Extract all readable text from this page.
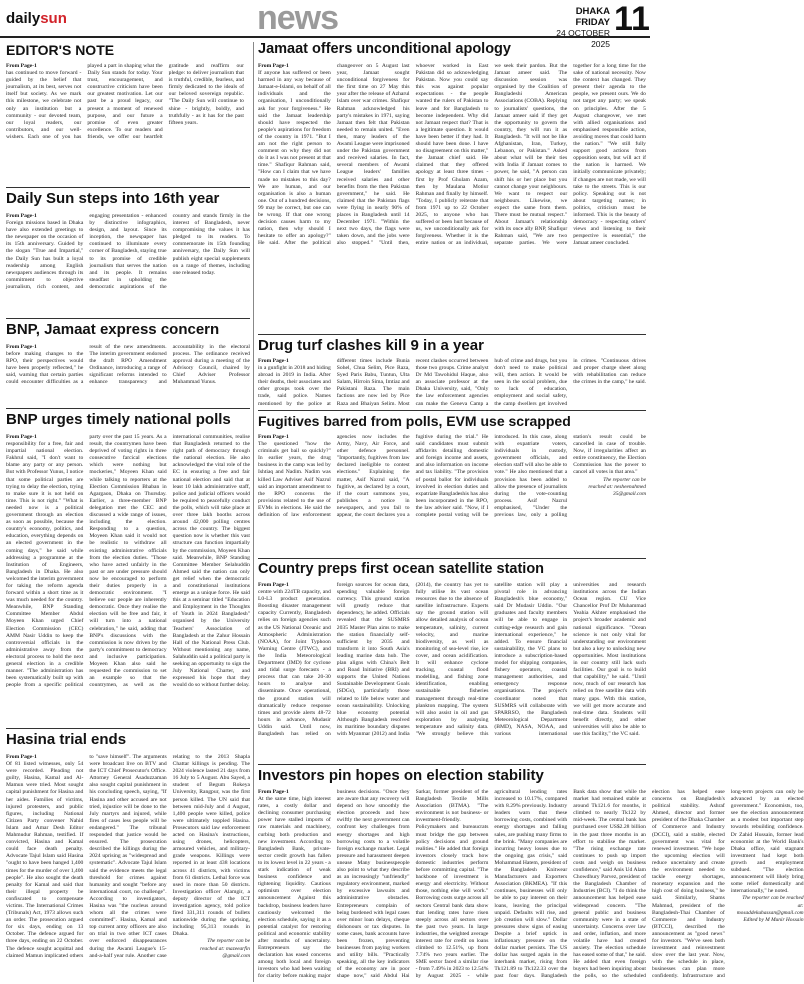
dailysun	news	DHAKA FRIDAY
24 OCTOBER 2025
11
EDITOR'S NOTE
From Page-1

has continued to move forward - guided by the belief that journalism, at its best, serves not itself but society. As we mark this milestone, we celebrate not only an institution but a community - our devoted team, our loyal readers, our contributors, and our well-wishers. Each one of you has played a part in shaping what the Daily Sun stands for today. Your trust, encouragement, and constructive criticism have been our greatest motivation. Let our past be a proud legacy, our present a moment of renewed purpose, and our future a promise of even greater excellence. To our readers and friends, we offer our heartfelt gratitude and reaffirm our pledge: to deliver journalism that is truthful, credible, fearless, and firmly dedicated to the ideals of our beloved sovereign republic. "The Daily Sun will continue to shine - brightly, boldly, and truthfully - as it has for the past fifteen years.

Jamaat offers unconditional apology
From Page-1

If anyone has suffered or been harmed in any way because of Jamaat-e-Islami, on behalf of all individuals and the organisation, I unconditionally ask for your forgiveness." He said the Jamaat leadership should have respected the people's aspirations for freedom of the country in 1971. "But I am not the right person to comment on why they did not do it as I was not present at that time." Shafiqur Rahman said, "How can I claim that we have made no mistakes to this day? We are human, and our organisation is also a human one. Out of a hundred decisions, 99 may be correct, but one can be wrong. If that one wrong decision causes harm to my nation, then why should I hesitate to offer an apology?" He said. After the political changeover on 5 August last year, Jamaat sought unconditional forgiveness for the first time on 27 May this year after the release of Azharul Islam over war crimes. Shafiqur Rahman acknowledged his party's mistakes in 1971, saying Jamaat then felt that Pakistan needed to remain united. "Even then, many leaders of the Awami League were imprisoned under the Pakistan government and received salaries. In fact, several members of Awami League leaders' families received salaries and other benefits from the then Pakistan government," he said. He claimed that the Pakistan flags were flying in nearly 90% of places in Bangladesh until 14 December 1971. "Within the next two days, the flags were taken down, and the jobs were also stopped." "Until then, whoever worked in East Pakistan did so acknowledging Pakistan. Now you could say this was against popular expectations - the people wanted the rulers of Pakistan to leave and for Bangladesh to become independent. Why did not Jamaat respect that? That is a legitimate question. It would have been better if they had. It should have been done. I have no disagreement on this matter," the Jamaat chief said. He claimed that they offered apology at least three times - first by Prof Ghulam Azam, then by Maulana Motiur Rahman and finally by himself. "Today, I publicly reiterate that from 1971 up to 22 October 2025, to anyone who has suffered or been hurt because of us, we unconditionally ask for forgiveness. Whether it is the entire nation or an individual, we seek their pardon. But the Jamaat ameer said. The discussion session was organised by the Coalition of Bangladeshi American Associations (COBA). Replying to journalists' questions, the Jamaat ameer said if they get the opportunity to govern the country, they will run it as Bangladesh. "It will not be like Afghanistan, Iran, Turkey, Lebanon, or Pakistan." Asked about what will be their ties with India if Jamaat comes to power, he said, "A person can shift his or her place but you cannot change your neighbours. We want to respect our neighbours. Likewise, we expect the same from them. There must be mutual respect." About Jamaat's relationship with its once ally BNP, Shafiqur Rahman said, "We are two separate parties. We were together for a long time for the sake of national necessity. Now the context has changed. They present their agenda to the people, we present ours. We do not target any party; we speak on principles. After the 5 August changeover, we met with allied organisations and emphasised responsible action, avoiding moves that could harm the nation." "We still fully support good actions from opposition seats, but will act if the nation is harmed. We initially communicate privately; if changes are not made, we will take to the streets. This is our policy. Speaking out is not about targeting names; in politics, criticism must be informed. This is the beauty of democracy - respecting others' views and listening to their perspective is essential," the Jamaat ameer concluded.

Daily Sun steps into 16th year
From Page-1

Foreign missions based in Dhaka have also extended greetings to the newspaper on the occasion of its 15th anniversary. Guided by the slogan "True and Impartial," the Daily Sun has built a loyal readership among English newspapers audiences through its commitment to objective journalism, rich content, and engaging presentation - enhanced by distinctive infographics, design, and layout. Since its inception, the newspaper has continued to illuminate every corner of Bangladesh, staying true to its promise of credible journalism that serves the nation and its people. It remains steadfast in upholding the democratic aspirations of the country and stands firmly in the interest of Bangladesh, never compromising the values it has pledged to its readers. To commemorate its 15th founding anniversary, the Daily Sun will publish eight special supplements on a range of themes, including one released today.

BNP, Jamaat express concern
From Page-1

before making changes to the RPO, their perspectives would have been properly reflected," he said, warning that certain parties could encounter difficulties as a result of the new amendments. The interim government endorsed the draft RPO Amendment Ordinance, introducing a range of significant reforms intended to enhance transparency and accountability in the electoral process. The ordinance received approval during a meeting of the Advisory Council, chaired by Chief Adviser Professor Muhammad Yunus.

Drug turf clashes kill 9 in a year
From Page-1

in a gunfight in 2018 and hiding abroad in 2019 in India. After their deaths, their associates and other groups took over the trade, said police. Names mentioned by the police at different times include Bunia Sohel, Chua Selim, Pice Raza, Syed Paris Babu, Tuntun, Ulta Salam, Hirroin Sima, Imtiaz and Pakistani Raza. The main factions are now led by Pice Raza and Bhaiyan Selim. Most recent clashes occurred between those two groups. Crime analyst Dr Md Tawohidul Haque, also an associate professor at the Dhaka University, said, "Only the law enforcement agencies can make the Geneva Camp a hub of crime and drugs, but you don't need to make political will, then action. It would be seen in the social problem, due to lack of education, employment and social safety, the camp dwellers get involved in crimes. "Continuous drives and proper charge sheet along with rehabilitation can reduce the crimes in the camp," he said.

BNP urges timely national polls
From Page-1

responsibility for a free, fair and impartial national election. Fakhrul said, "I don't want to blame any party or any person. But with Professor Yunus, I notice that some political parties are trying to delay the election, trying to make sure it is not held on time. This is not right." "What is needed now is a political government through an election as soon as possible, because the country's economy, politics, and education, everything depends on an elected government in the coming days," he said while addressing a programme at the Institution of Engineers, Bangladesh in Dhaka. He also welcomed the interim government for taking the reform agenda forward within a short time as it was much needed for the country. Meanwhile, BNP Standing Committee Member Abdul Moyeen Khan urged Chief Election Commission (CEC) AMM Nasir Uddin to keep the controversial officials in the administrative away from the electoral process to hold the next general election in a credible manner. "The administration has been systematically built up with people from a specific political party over the past 15 years. As a result, the countrymen have been deprived of voting rights in three consecutive farcical elections which were nothing but mockeries," Moyeen Khan said while talking to reporters at the Election Commission Bhaban in Agargaon, Dhaka on Thursday. Earlier, a three-member BNP delegation met the CEC and discussed a wide range of issues, including the election. Responding to a question, Moyeen Khan said it would not be realistic to withdraw all existing administrative officials from the election duties. "Those who have acted unfairly in the past or are under pressure should now be encouraged to perform their duties properly in a democratic environment. "I believe our people are inherently democratic. Once they realise the election will be free and fair, it will turn into a national celebration," he said, adding that BNP's discussions with the commission is now driven by the party's commitment to democracy and inclusive participation. Moyeen Khan also said he requested the commission to set an example so that the countrymen, as well as the international communities, realise that Bangladesh returned to the right path of democracy through the national election. He also acknowledged the vital role of the EC in ensuring a free and fair national election and said that at least 10 lakh administrative staff, police and judicial officers would be required to peacefully conduct the polls, which will take place at over three lakh booths across around 42,000 polling centres across the country. The biggest question now is whether this vast structure can function impartially by the commission, Moyeen Khan said. Meanwhile, BNP Standing Committee Member Selahuddin Ahmed said the nation can only get relief when the democratic and constitutional institutions emerge as a unique force. He said this at a seminar titled "Education and Employment in the Thoughts of Youth in 2024 Bangladesh" organised by the University Teachers' Association of Bangladesh at the Zahur Hossain Hall of the National Press Club. Without mentioning any name, Salahuddin said a political party is seeking an opportunity to sign the July National Charter, and expressed his hope that they would do so without further delay.

Fugitives barred from polls, EVM use scrapped
From Page-1

The questioned "how the criminals get bail so quickly?" In earlier years, the drug business in the camp was led by Ishtiaq and Nadim. Nadim was killed Law Adviser Asif Nazrul said an important amendment to the RPO concerns the provisions related to the use of EVMs in elections. He said the definition of law enforcement agencies now includes the Army, Navy, Air Force, and other defence personnel. "Importantly, fugitives from law declared ineligible to contest elections." Explaining the matter, Asif Nazrul said, "A fugitive, as declared by a court, if the court summons you, publishes a notice in newspapers, and you fail to appear, the court declares you a fugitive during the trial." He said candidates must submit affidavits detailing domestic and foreign income and assets, and also information on income and tax liability. "The provision of postal ballot for individuals involved in election duties and expatriate Bangladeshis has also been incorporated in the RPO, the law adviser said. "Now, if I complete postal voting will be introduced. In this case, along with expatriate voters, individuals in custody, government officials, and election staff will also be able to vote." He also mentioned that a provision has been added to allow the presence of journalists during the vote-counting process. Asif Nazrul emphasised, "Under the previous law, only a polling station's result could be cancelled in case of trouble. Now, if irregularities affect an entire constituency, the Election Commission has the power to cancel all votes in that area."

The reporter can be
reached at: nesheenahmed 35@gmail.com
Country preps first ocean satellite station
From Page-1

centre with 224TB capacity, and L0-L3 product generation. Boosting disaster management capacity Currently, Bangladesh relies on foreign agencies such as the US National Oceanic and Atmospheric Administration (NOAA), for Joint Typhoon Warning Centre (JTWC), and the India Meteorological Department (IMD) for cyclone and tidal surge forecasts - a process that can take 20-30 hours to analyse and disseminate. Once operational, the ground station will dramatically reduce response times and provide alerts 48-72 hours in advance, Mudasir Uddin said. Until now, Bangladesh has relied on foreign sources for ocean data, spending valuable foreign currency. This ground station will greatly reduce that dependency, he added. Officials revealed that the SUSMRS 2035 Master Plan aims to make the station financially self-sufficient by 2035 and transform it into South Asia's leading marine data hub. The plan aligns with China's Belt and Road Initiative (BRI) and supports the United Nations Sustainable Development Goals (SDGs), particularly those related to life below water and ocean sustainability. Unlocking blue economy potential Although Bangladesh resolved its maritime boundary disputes with Myanmar (2012) and India (2014), the country has yet to fully utilise its vast ocean resources due to the absence of satellite infrastructure. Experts say the ground station will allow detailed analysis of ocean temperature, salinity, current velocity, and marine biodiversity, as well as monitoring of sea-level rise, ice cover, and ocean acidification. It will enhance cyclone tracking, coastal flood modelling, and fishing zone identification, enabling sustainable fisheries management through real-time plankton mapping. The system will also assist in oil and gas exploration by analysing temperature and salinity data. "We strongly believe this satellite station will play a pivotal role in advancing Bangladesh's blue economy," said Dr Mudasir Uddin. "Our graduates and faculty members will be able to engage in cutting-edge research and gain international experience," he added. To ensure financial sustainability, the VC plans to introduce a subscription-based model for shipping companies, fishery operators, coastal management authorities, and emergency response organisations. The project's coordinator noted that SUSMRS will collaborate with SPARRSO, the Bangladesh Meteorological Department (BMD), NASA, NOAA, and various international universities and research institutions across the Indian Ocean region. CU Vice Chancellor Prof Dr Muhammad Yeahia Akhter emphasised the project's broader academic and national significance. "Ocean science is not only vital for understanding our environment but also a key to unlocking new opportunities. Most institutions in our country still lack such facilities. Our goal is to build that capability," he said. "Until now, much of our research has relied on free satellite data with many gaps. With this station, we will get more accurate and real-time data. Students will benefit directly, and other universities will also be able to use this facility," the VC said.

Investors pin hopes on election stability
From Page-1

At the same time, high interest rates, a costly dollar and declining consumer purchasing power have stalled imports of raw materials and machinery, curbing both production and new investment. According to Bangladesh Bank, private-sector credit growth has fallen to its lowest level in 22 years - a stark indication of weak business confidence and tightening liquidity. Cautious optimism over election announcement Against this backdrop, business leaders have cautiously welcomed the election schedule, saying it as a potential catalyst for restoring political and economic stability after months of uncertainty. Entrepreneurs say the declaration has eased concerns among both local and foreign investors who had been waiting for clarity before making major business decisions. "Once they are aware that any recovery will depend on how smoothly the election proceeds and how swiftly the next government can confront key challenges from energy shortages and high borrowing costs to a volatile foreign exchange market. Legal pressure and harassment deepen unease Many businesspeople also point to what they describe as an increasingly "unfriendly" regulatory environment, marked by excessive lawsuits and administrative obstacles. Entrepreneurs complain of being burdened with legal cases over minor loan delays, cheque dishonours or tax disputes. In some cases, bank accounts have been frozen, preventing businesses from paying workers and utility bills. "Practically speaking, all the key indicators of the economy are in poor shape now," said Abdul Hai Sarkar, former president of the Bangladesh Textile Mills Association (BTMA). "The environment is not business- or investment-friendly. Policymakers and bureaucrats must bridge the gap between policy decisions and ground realities." He added that foreign investors closely track how domestic industries perform before committing capital. "The backbone of investment is energy and electricity. Without those, nothing else will work." Borrowing costs surge across all sectors Central bank data show that lending rates have risen steeply across all sectors over the past two years. In large industries, the weighted average interest rate for credit on loans climbed to 12.51%, up from 7.74% two years earlier. The SME sector faced a similar rise - from 7.49% in 2023 to 12.54% by August 2025 - while agricultural lending rates increased to 10.17%, compared with 8.29% previously. Industry leaders warn that these borrowing costs, combined with energy shortages and falling sales, are pushing many firms to the brink. "Many companies are incurring heavy losses due to the ongoing gas crisis," said Mohammad Hatem, president of the Bangladesh Knitwear Manufacturers and Exporters Association (BKMEA). "If this continues, businesses will only be able to pay interest on their loans, leaving the principal unpaid. Defaults will rise, and job creation will slow." Dollar pressures show signs of easing Despite a brief uptick in inflationary pressure on the dollar market persists. The US dollar has surged again in the interbank market, rising from Tk121.89 to Tk122.33 over the past four days. Bangladesh Bank data show that while the market had remained stable at around Tk121.6 for months, it climbed to nearly Tk122 by mid-week. The central bank has purchased over US$2.28 billion in the past three months in an effort to stabilise the market. "The rising exchange rate continues to push up import costs and weigh on business confidence," said Anis Ud Alam Chowdhury Parvez, president of the Bangladesh Chamber of Industries (BCI). "I do think the announcement has helped ease widespread concern. "The general public and business community were in a state of uncertainty. Concerns over law and order, inflation, and more volatile have had created anxiety. The election schedule has eased some of that," he said. He added that even foreign buyers had been inquiring about the polls, so the scheduled election has helped ease concerns on Bangladesh's political stability. Ashraf Ahmed, director and former president of the Dhaka Chamber of Commerce and Industry (DCCI), said a stable, elected government was vital for renewed investment. "We hope the upcoming election will reduce uncertainty and create the environment needed to tackle energy shortages, monetary expansion and the high cost of doing business," he said. Similarly, Shams Mahmud, president of the Bangladesh-Thai Chamber of Commerce and Industry (BTCCI), described the announcement as "good news" for investors. "We've seen both investment and reinvestment slow over the last year. Now, with the schedule in place, businesses can plan more confidently. Infrastructure and long-term projects can only be advanced by an elected government." Economists, too, see the election announcement as a modest but important step towards rebuilding confidence. Dr Zahid Hussain, former lead economist at the World Bank's Dhaka office, said stagnant investment had kept both growth and employment subdued. "The election announcement will likely bring some relief domestically and internationally," he noted.

The reporter can be reached
at: mosaddekuhassan@gmail.com
Edited by M Munir Hossain
Hasina trial ends
From Page-1

Of 81 listed witnesses, only 54 were recorded. Pleading not guilty, Hasina, Kamal and Al-Mamun were tried. Most sought capital punishment for Hasina and her aides. Families of victims, injured protesters, and public figures, including National Citizen Party convener Nahid Islam and Amar Desh Editor Mahmudur Rahman, testified. If convicted, Hasina and Kamal could face death penalty. Advocate Tajul Islam said Hasina "ought to have been hanged 1,400 times for the murder of over 1,400 people". He also sought the death penalty for Kamal and said that their illegal property be confiscated to compensate victims. The International Crimes (Tribunals) Act, 1973 allows such an order. The prosecution argued for six days, ending on 13 October. The defence argued for three days, ending on 22 October. The defence sought acquittal and claimed Mamun implicated others to "save himself". The arguments were broadcast live on BTV and the ICT Chief Prosecutor's Office. Attorney General Asaduzzaman also sought capital punishment in his concluding speech, saying, "If Hasina and other accused are not tried, injustice will be done to the July martyrs and injured, while fires of cases less people will be endangered." The tribunal responded that justice would be ensured. The prosecution described the killings during the 2024 uprising as "widespread and systematic". Advocate Tajul Islam said the evidence meets the legal threshold for crimes against humanity and sought "before any international court, no challenge". According to investigators, Hasina was "the nucleus around whom all the crimes were committed". Hasina, Kamal and top current army officers are also on trial in two other ICT cases over enforced disappearances during the Awami League's 15-and-a-half year rule. Another case relating to the 2013 Shapla Chattar killings is pending. The 2024 violence lasted 21 days from 16 July to 5 August. Abu Sayed, a student of Begum Rokeya University, Rangpur, was the first person killed. The UN said that between mid-July and 4 August, 1,400 people were killed, police were ultimately toppled Hasina. Prosecutors said law enforcement acted on Hasina's instructions, using drones, helicopters, armoured vehicles, and military-grade weapons. Killings were reported in at least 438 locations across 41 districts, with victims from 61 districts. Lethal force was used in more than 50 districts. Investigation officer Alamgir, a deputy director of the ICT investigation agency, told police fired 331,311 rounds of bullets nationwide during the uprising, including 95,313 rounds in Dhaka.

The reporter can be
reached at: mazeearfin
@gmail.com
